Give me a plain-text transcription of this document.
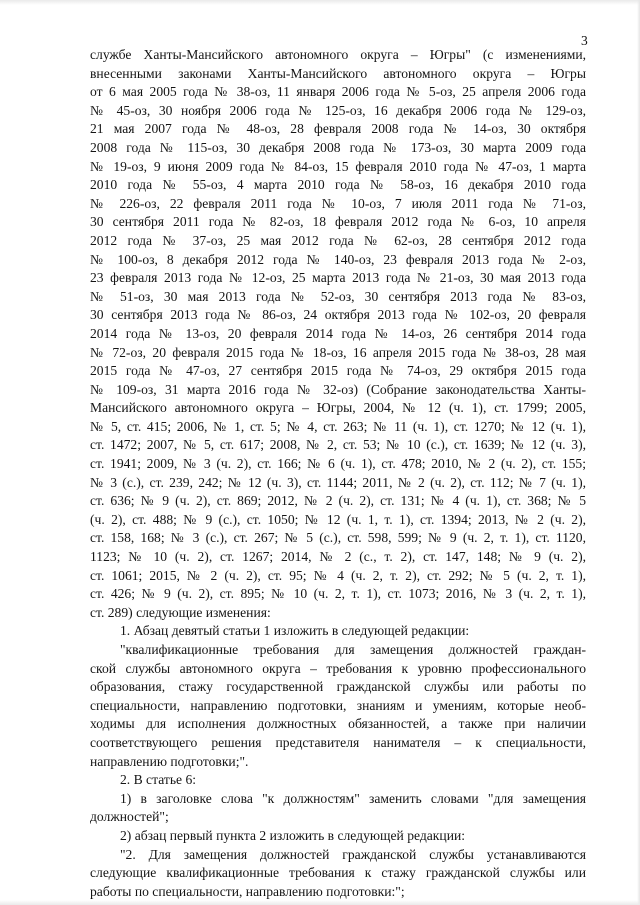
3
службе Ханты-Мансийского автономного округа – Югры" (с изменениями,
внесенными законами Ханты-Мансийского автономного округа – Югры
от 6 мая 2005 года № 38-оз, 11 января 2006 года № 5-оз, 25 апреля 2006 года
№ 45-оз, 30 ноября 2006 года № 125-оз, 16 декабря 2006 года № 129-оз,
21 мая 2007 года № 48-оз, 28 февраля 2008 года № 14-оз, 30 октября
2008 года № 115-оз, 30 декабря 2008 года № 173-оз, 30 марта 2009 года
№ 19-оз, 9 июня 2009 года № 84-оз, 15 февраля 2010 года № 47-оз, 1 марта
2010 года № 55-оз, 4 марта 2010 года № 58-оз, 16 декабря 2010 года
№ 226-оз, 22 февраля 2011 года № 10-оз, 7 июля 2011 года № 71-оз,
30 сентября 2011 года № 82-оз, 18 февраля 2012 года № 6-оз, 10 апреля
2012 года № 37-оз, 25 мая 2012 года № 62-оз, 28 сентября 2012 года
№ 100-оз, 8 декабря 2012 года № 140-оз, 23 февраля 2013 года № 2-оз,
23 февраля 2013 года № 12-оз, 25 марта 2013 года № 21-оз, 30 мая 2013 года
№ 51-оз, 30 мая 2013 года № 52-оз, 30 сентября 2013 года № 83-оз,
30 сентября 2013 года № 86-оз, 24 октября 2013 года № 102-оз, 20 февраля
2014 года № 13-оз, 20 февраля 2014 года № 14-оз, 26 сентября 2014 года
№ 72-оз, 20 февраля 2015 года № 18-оз, 16 апреля 2015 года № 38-оз, 28 мая
2015 года № 47-оз, 27 сентября 2015 года № 74-оз, 29 октября 2015 года
№ 109-оз, 31 марта 2016 года № 32-оз) (Собрание законодательства Ханты-
Мансийского автономного округа – Югры, 2004, № 12 (ч. 1), ст. 1799; 2005,
№ 5, ст. 415; 2006, № 1, ст. 5; № 4, ст. 263; № 11 (ч. 1), ст. 1270; № 12 (ч. 1),
ст. 1472; 2007, № 5, ст. 617; 2008, № 2, ст. 53; № 10 (с.), ст. 1639; № 12 (ч. 3),
ст. 1941; 2009, № 3 (ч. 2), ст. 166; № 6 (ч. 1), ст. 478; 2010, № 2 (ч. 2), ст. 155;
№ 3 (с.), ст. 239, 242; № 12 (ч. 3), ст. 1144; 2011, № 2 (ч. 2), ст. 112; № 7 (ч. 1),
ст. 636; № 9 (ч. 2), ст. 869; 2012, № 2 (ч. 2), ст. 131; № 4 (ч. 1), ст. 368; № 5
(ч. 2), ст. 488; № 9 (с.), ст. 1050; № 12 (ч. 1, т. 1), ст. 1394; 2013, № 2 (ч. 2),
ст. 158, 168; № 3 (с.), ст. 267; № 5 (с.), ст. 598, 599; № 9 (ч. 2, т. 1), ст. 1120,
1123; № 10 (ч. 2), ст. 1267; 2014, № 2 (с., т. 2), ст. 147, 148; № 9 (ч. 2),
ст. 1061; 2015, № 2 (ч. 2), ст. 95; № 4 (ч. 2, т. 2), ст. 292; № 5 (ч. 2, т. 1),
ст. 426; № 9 (ч. 2), ст. 895; № 10 (ч. 2, т. 1), ст. 1073; 2016, № 3 (ч. 2, т. 1),
ст. 289) следующие изменения:
1. Абзац девятый статьи 1 изложить в следующей редакции:
"квалификационные требования для замещения должностей граждан-
ской службы автономного округа – требования к уровню профессионального
образования, стажу государственной гражданской службы или работы по
специальности, направлению подготовки, знаниям и умениям, которые необ-
ходимы для исполнения должностных обязанностей, а также при наличии
соответствующего решения представителя нанимателя – к специальности,
направлению подготовки;".
2. В статье 6:
1) в заголовке слова "к должностям" заменить словами "для замещения
должностей";
2) абзац первый пункта 2 изложить в следующей редакции:
"2. Для замещения должностей гражданской службы устанавливаются
следующие квалификационные требования к стажу гражданской службы или
работы по специальности, направлению подготовки:";
